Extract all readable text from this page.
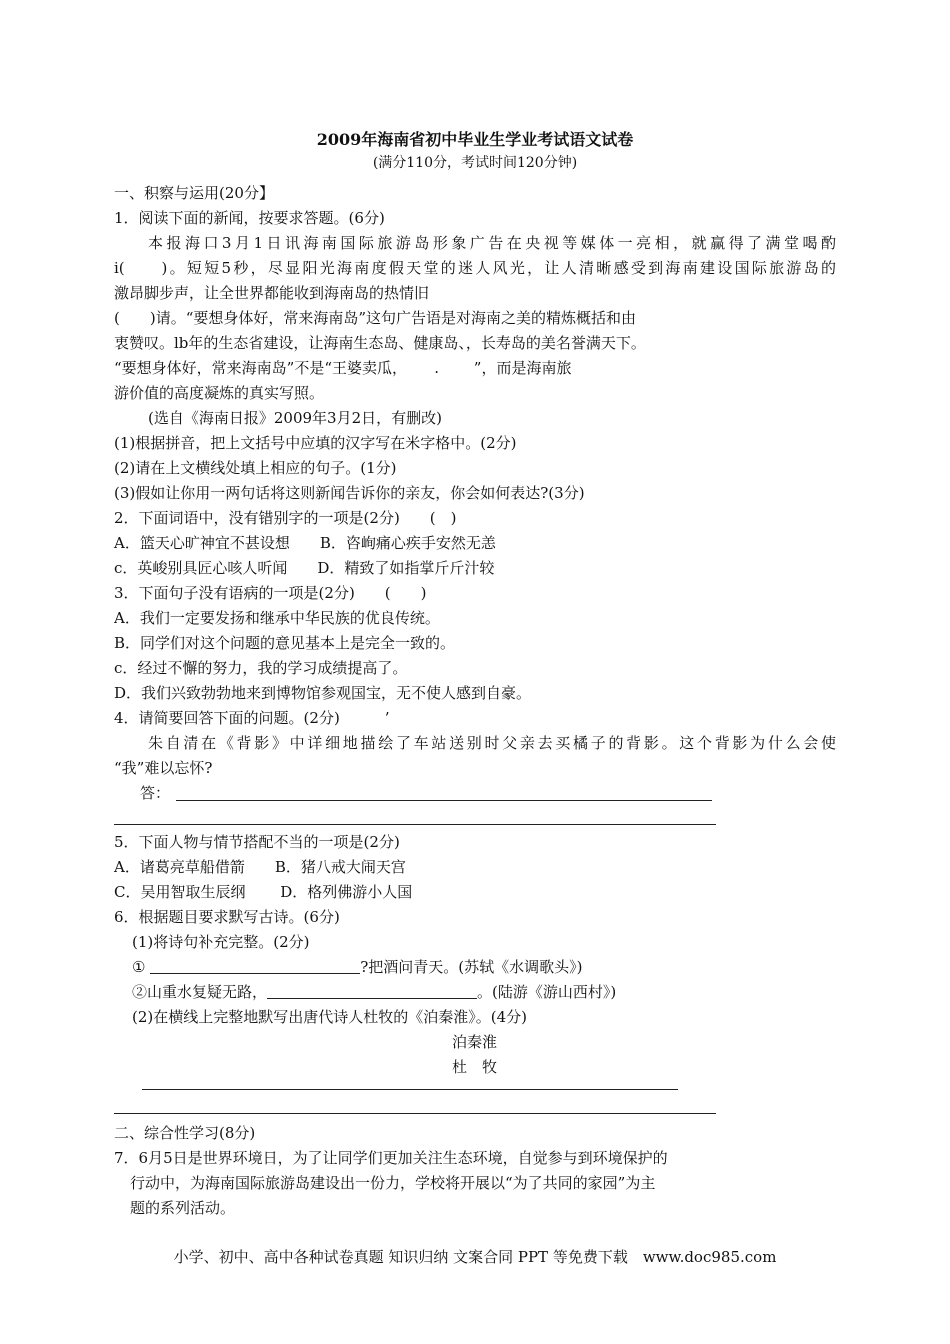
2009年海南省初中毕业生学业考试语文试卷
(满分110分，考试时间120分钟)
一、积察与运用(20分】
1．阅读下面的新闻，按要求答题。(6分)
本报海口3月1日讯海南国际旅游岛形象广告在央视等媒体一亮相，就赢得了满堂喝酌
i(　　)。短短5秒，尽显阳光海南度假天堂的迷人风光，让人清晰感受到海南建设国际旅游岛的
激昂脚步声，让全世界都能收到海南岛的热情旧
(　　)请。“要想身体好，常来海南岛”这句广告语是对海南之美的精炼概括和由
衷赞叹。lb年的生态省建设，让海南生态岛、健康岛、，长寿岛的美名誉满天下。
“要想身体好，常来海南岛”不是“王婆卖瓜，　　 .　　 ”，而是海南旅
游价值的高度凝炼的真实写照。
(选自《海南日报》2009年3月2日，有删改)
(1)根据拼音，把上文括号中应填的汉字写在米字格中。(2分)
(2)请在上文横线处填上相应的句子。(1分)
(3)假如让你用一两句话将这则新闻告诉你的亲友，你会如何表达?(3分)
2．下面词语中，没有错别字的一项是(2分)　　(　)
A．篮天心旷神宜不甚设想　　B．咨峋痛心疾手安然无恙
c．英峻别具匠心咳人听闻　　D．精致了如指掌斤斤汁较
3．下面句子没有语病的一项是(2分)　　(　　)
A．我们一定要发扬和继承中华民族的优良传统。
B．同学们对这个问题的意见基本上是完全一致的。
c．经过不懈的努力，我的学习成绩提高了。
D．我们兴致勃勃地来到博物馆参观国宝，无不使人感到自豪。
4．请简要回答下面的问题。(2分)　　　’
朱自清在《背影》中详细地描绘了车站送别时父亲去买橘子的背影。这个背影为什么会使
“我”难以忘怀?
答：
5．下面人物与情节搭配不当的一项是(2分)
A．诸葛亮草船借箭　　B．猪八戒大闹天宫
C．吴用智取生辰纲　　 D．格列佛游小人国
6．根据题目要求默写古诗。(6分)
(1)将诗句补充完整。(2分)
①	?把酒问青天。(苏轼《水调歌头》)
②山重水复疑无路，	。(陆游《游山西村》)
(2)在横线上完整地默写出唐代诗人杜牧的《泊秦淮》。(4分)
泊秦淮
杜　牧
二、综合性学习(8分)
7．6月5日是世界环境日，为了让同学们更加关注生态环境，自觉参与到环境保护的
行动中，为海南国际旅游岛建设出一份力，学校将开展以“为了共同的家园”为主
题的系列活动。
小学、初中、高中各种试卷真题 知识归纳 文案合同 PPT 等免费下载　www.doc985.com
